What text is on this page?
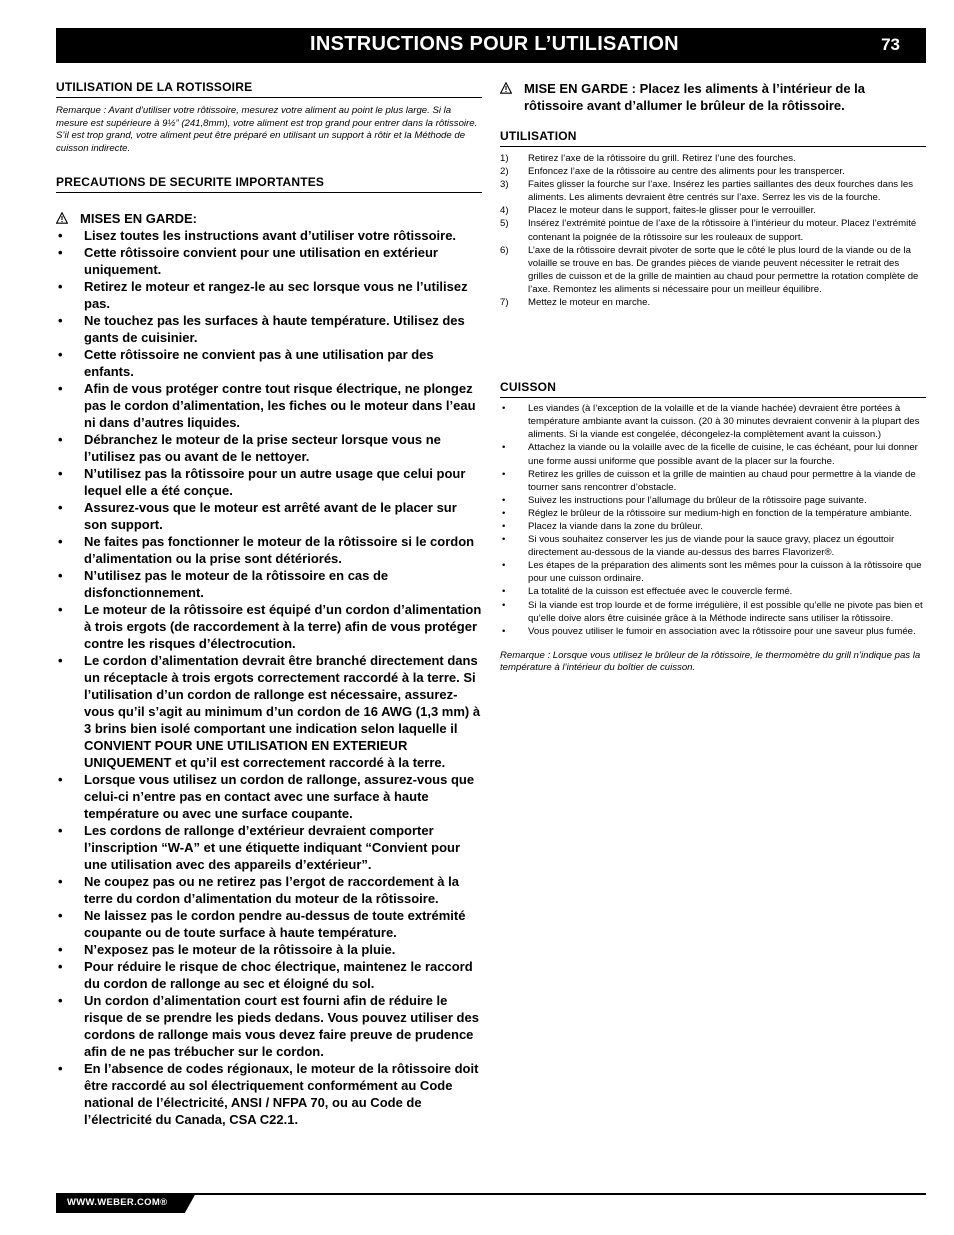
INSTRUCTIONS POUR L’UTILISATION	73
UTILISATION DE LA ROTISSOIRE

Remarque : Avant d’utiliser votre rôtissoire, mesurez votre aliment au point le plus large. Si la mesure est supérieure à 9½” (241,8mm), votre aliment est trop grand pour entrer dans la rôtissoire. S’il est trop grand, votre aliment peut être préparé en utilisant un support à rôtir et la Méthode de cuisson indirecte.

PRECAUTIONS DE SECURITE IMPORTANTES
MISES EN GARDE:
• Lisez toutes les instructions avant d’utiliser votre rôtissoire.
• Cette rôtissoire convient pour une utilisation en extérieur uniquement.
• Retirez le moteur et rangez-le au sec lorsque vous ne l’utilisez pas.
• Ne touchez pas les surfaces à haute température. Utilisez des gants de cuisinier.
• Cette rôtissoire ne convient pas à une utilisation par des enfants.
• Afin de vous protéger contre tout risque électrique, ne plongez pas le cordon d’alimentation, les fiches ou le moteur dans l’eau ni dans d’autres liquides.
• Débranchez le moteur de la prise secteur lorsque vous ne l’utilisez pas ou avant de le nettoyer.
• N’utilisez pas la rôtissoire pour un autre usage que celui pour lequel elle a été conçue.
• Assurez-vous que le moteur est arrêté avant de le placer sur son support.
• Ne faites pas fonctionner le moteur de la rôtissoire si le cordon d’alimentation ou la prise sont détériorés.
• N’utilisez pas le moteur de la rôtissoire en cas de disfonctionnement.
• Le moteur de la rôtissoire est équipé d’un cordon d’alimentation à trois ergots (de raccordement à la terre) afin de vous protéger contre les risques d’électrocution.
• Le cordon d’alimentation devrait être branché directement dans un réceptacle à trois ergots correctement raccordé à la terre. Si l’utilisation d’un cordon de rallonge est nécessaire, assurez-vous qu’il s’agit au minimum d’un cordon de 16 AWG (1,3 mm) à 3 brins bien isolé comportant une indication selon laquelle il CONVIENT POUR UNE UTILISATION EN EXTERIEUR UNIQUEMENT et qu’il est correctement raccordé à la terre.
• Lorsque vous utilisez un cordon de rallonge, assurez-vous que celui-ci n’entre pas en contact avec une surface à haute température ou avec une surface coupante.
• Les cordons de rallonge d’extérieur devraient comporter l’inscription “W-A” et une étiquette indiquant “Convient pour une utilisation avec des appareils d’extérieur”.
• Ne coupez pas ou ne retirez pas l’ergot de raccordement à la terre du cordon d’alimentation du moteur de la rôtissoire.
• Ne laissez pas le cordon pendre au-dessus de toute extrémité coupante ou de toute surface à haute température.
• N’exposez pas le moteur de la rôtissoire à la pluie.
• Pour réduire le risque de choc électrique, maintenez le raccord du cordon de rallonge au sec et éloigné du sol.
• Un cordon d’alimentation court est fourni afin de réduire le risque de se prendre les pieds dedans. Vous pouvez utiliser des cordons de rallonge mais vous devez faire preuve de prudence afin de ne pas trébucher sur le cordon.
• En l’absence de codes régionaux, le moteur de la rôtissoire doit être raccordé au sol électriquement conformément au Code national de l’électricité, ANSI / NFPA 70, ou au Code de l’électricité du Canada, CSA C22.1.
MISE EN GARDE : Placez les aliments à l’intérieur de la rôtissoire avant d’allumer le brûleur de la rôtissoire.
UTILISATION
1) Retirez l’axe de la rôtissoire du grill. Retirez l’une des fourches.
2) Enfoncez l’axe de la rôtissoire au centre des aliments pour les transpercer.
3) Faites glisser la fourche sur l’axe. Insérez les parties saillantes des deux fourches dans les aliments. Les aliments devraient être centrés sur l’axe. Serrez les vis de la fourche.
4) Placez le moteur dans le support, faites-le glisser pour le verrouiller.
5) Insérez l’extrémité pointue de l’axe de la rôtissoire à l’intérieur du moteur. Placez l’extrémité contenant la poignée de la rôtissoire sur les rouleaux de support.
6) L’axe de la rôtissoire devrait pivoter de sorte que le côté le plus lourd de la viande ou de la volaille se trouve en bas. De grandes pièces de viande peuvent nécessiter le retrait des grilles de cuisson et de la grille de maintien au chaud pour permettre la rotation complète de l’axe. Remontez les aliments si nécessaire pour un meilleur équilibre.
7) Mettez le moteur en marche.
CUISSON
• Les viandes (à l’exception de la volaille et de la viande hachée) devraient être portées à température ambiante avant la cuisson. (20 à 30 minutes devraient convenir à la plupart des aliments. Si la viande est congelée, décongelez-la complètement avant la cuisson.)
• Attachez la viande ou la volaille avec de la ficelle de cuisine, le cas échéant, pour lui donner une forme aussi uniforme que possible avant de la placer sur la fourche.
• Retirez les grilles de cuisson et la grille de maintien au chaud pour permettre à la viande de tourner sans rencontrer d’obstacle.
• Suivez les instructions pour l’allumage du brûleur de la rôtissoire page suivante.
• Réglez le brûleur de la rôtissoire sur medium-high en fonction de la température ambiante.
• Placez la viande dans la zone du brûleur.
• Si vous souhaitez conserver les jus de viande pour la sauce gravy, placez un égouttoir directement au-dessous de la viande au-dessus des barres Flavorizer®.
• Les étapes de la préparation des aliments sont les mêmes pour la cuisson à la rôtissoire que pour une cuisson ordinaire.
• La totalité de la cuisson est effectuée avec le couvercle fermé.
• Si la viande est trop lourde et de forme irrégulière, il est possible qu’elle ne pivote pas bien et qu’elle doive alors être cuisinée grâce à la Méthode indirecte sans utiliser la rôtissoire.
• Vous pouvez utiliser le fumoir en association avec la rôtissoire pour une saveur plus fumée.

Remarque : Lorsque vous utilisez le brûleur de la rôtissoire, le thermomètre du grill n’indique pas la température à l’intérieur du boîtier de cuisson.

WWW.WEBER.COM®
